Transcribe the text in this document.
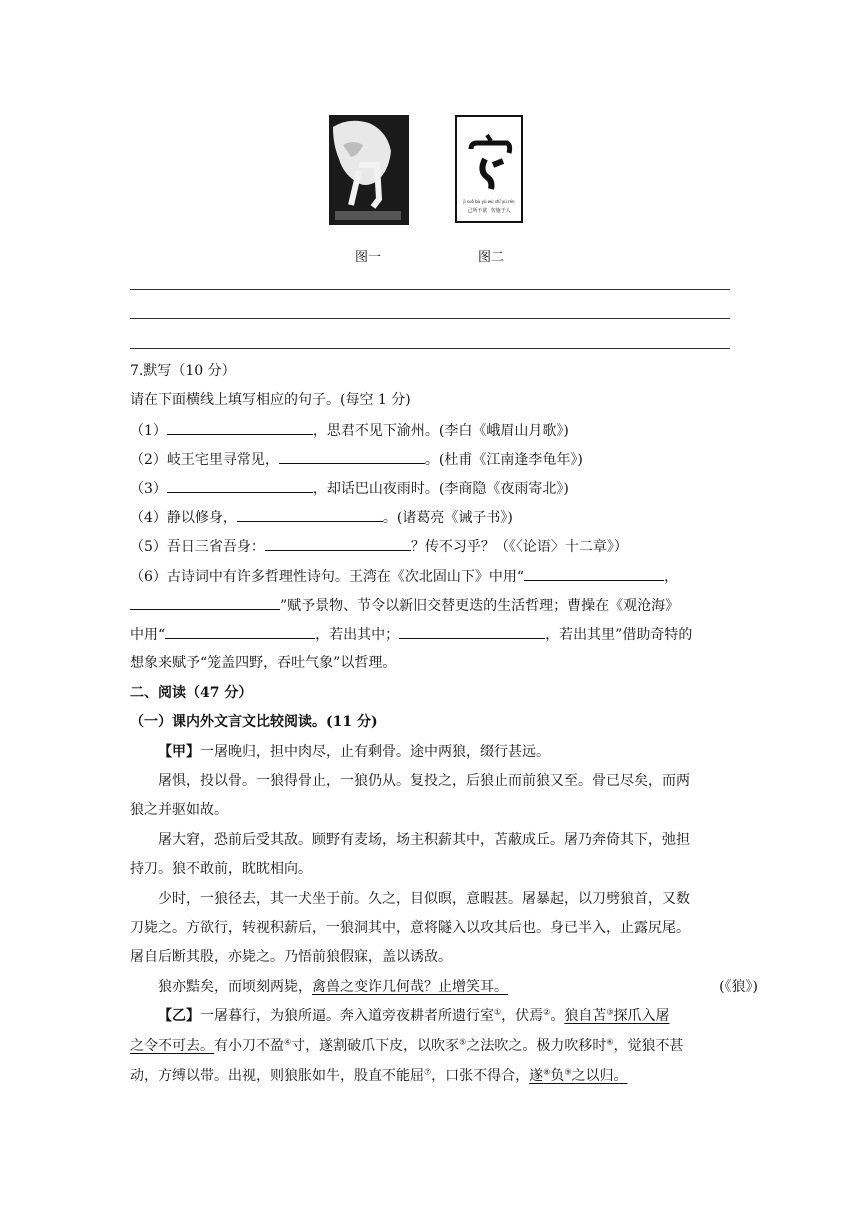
图一
jì suǒ bù yù wù shī yú rén
己所不欲  勿施于人
图二
7.默写（10 分）
请在下面横线上填写相应的句子。(每空 1 分)
（1）	，思君不见下渝州。(李白《峨眉山月歌》)
（2）岐王宅里寻常见，	。(杜甫《江南逢李龟年》)
（3）	，却话巴山夜雨时。(李商隐《夜雨寄北》)
（4）静以修身，	。(诸葛亮《诫子书》)
（5）吾日三省吾身：	？传不习乎？（《〈论语〉十二章》）
（6）古诗词中有许多哲理性诗句。王湾在《次北固山下》中用“	，
”赋予景物、节令以新旧交替更迭的生活哲理；曹操在《观沧海》
中用“	，若出其中；	，若出其里”借助奇特的
想象来赋予“笼盖四野，吞吐气象”以哲理。
二、阅读（47 分）
（一）课内外文言文比较阅读。(11 分)
【甲】一屠晚归，担中肉尽，止有剩骨。途中两狼，缀行甚远。
屠惧，投以骨。一狼得骨止，一狼仍从。复投之，后狼止而前狼又至。骨已尽矣，而两
狼之并驱如故。
屠大窘，恐前后受其敌。顾野有麦场，场主积薪其中，苫蔽成丘。屠乃奔倚其下，弛担
持刀。狼不敢前，眈眈相向。
少时，一狼径去，其一犬坐于前。久之，目似暝，意暇甚。屠暴起，以刀劈狼首，又数
刀毙之。方欲行，转视积薪后，一狼洞其中，意将隧入以攻其后也。身已半入，止露尻尾。
屠自后断其股，亦毙之。乃悟前狼假寐，盖以诱敌。
狼亦黠矣，而顷刻两毙，禽兽之变诈几何哉？止增笑耳。	(《狼》)
【乙】一屠暮行，为狼所逼。奔入道旁夜耕者所遗行室①，伏焉②。狼自苫③探爪入屠
之令不可去。有小刀不盈④寸，遂割破爪下皮，以吹豕⑤之法吹之。极力吹移时⑥，觉狼不甚
动，方缚以带。出视，则狼胀如牛，股直不能屈⑦，口张不得合，遂⑧负⑨之以归。
